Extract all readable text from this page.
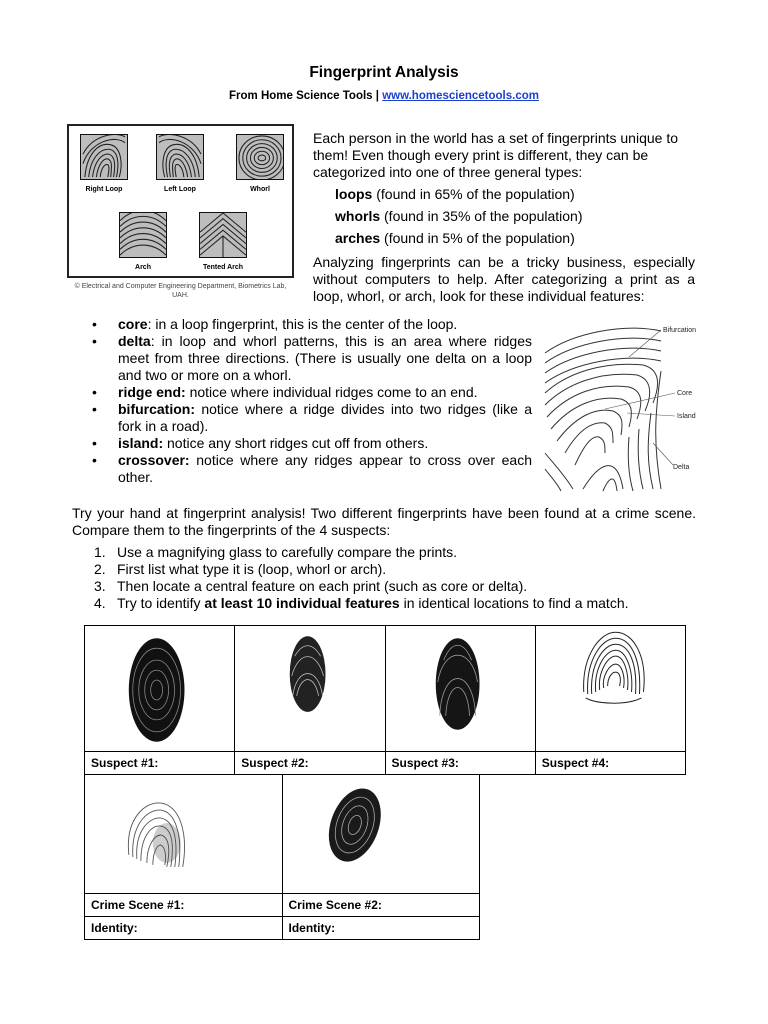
Fingerprint Analysis
From Home Science Tools | www.homesciencetools.com
Right Loop	Left Loop	Whorl
Arch	Tented Arch
© Electrical and Computer Engineering Department, Biometrics Lab, UAH.
Each person in the world has a set of fingerprints unique to them! Even though every print is different, they can be categorized into one of three general types:
loops (found in 65% of the population)
whorls (found in 35% of the population)
arches (found in 5% of the population)
Analyzing fingerprints can be a tricky business, especially without computers to help. After categorizing a print as a loop, whorl, or arch, look for these individual features:
• core: in a loop fingerprint, this is the center of the loop.
• delta: in loop and whorl patterns, this is an area where ridges meet from three directions. (There is usually one delta on a loop and two or more on a whorl.
• ridge end: notice where individual ridges come to an end.
• bifurcation: notice where a ridge divides into two ridges (like a fork in a road).
• island: notice any short ridges cut off from others.
• crossover: notice where any ridges appear to cross over each other.
Bifurcation
Core
Island
Delta
Try your hand at fingerprint analysis! Two different fingerprints have been found at a crime scene. Compare them to the fingerprints of the 4 suspects:
1. Use a magnifying glass to carefully compare the prints.
2. First list what type it is (loop, whorl or arch).
3. Then locate a central feature on each print (such as core or delta).
4. Try to identify at least 10 individual features in identical locations to find a match.

Suspect #1:	Suspect #2:	Suspect #3:	Suspect #4:

Crime Scene #1:	Crime Scene #2:
Identity:	Identity:
